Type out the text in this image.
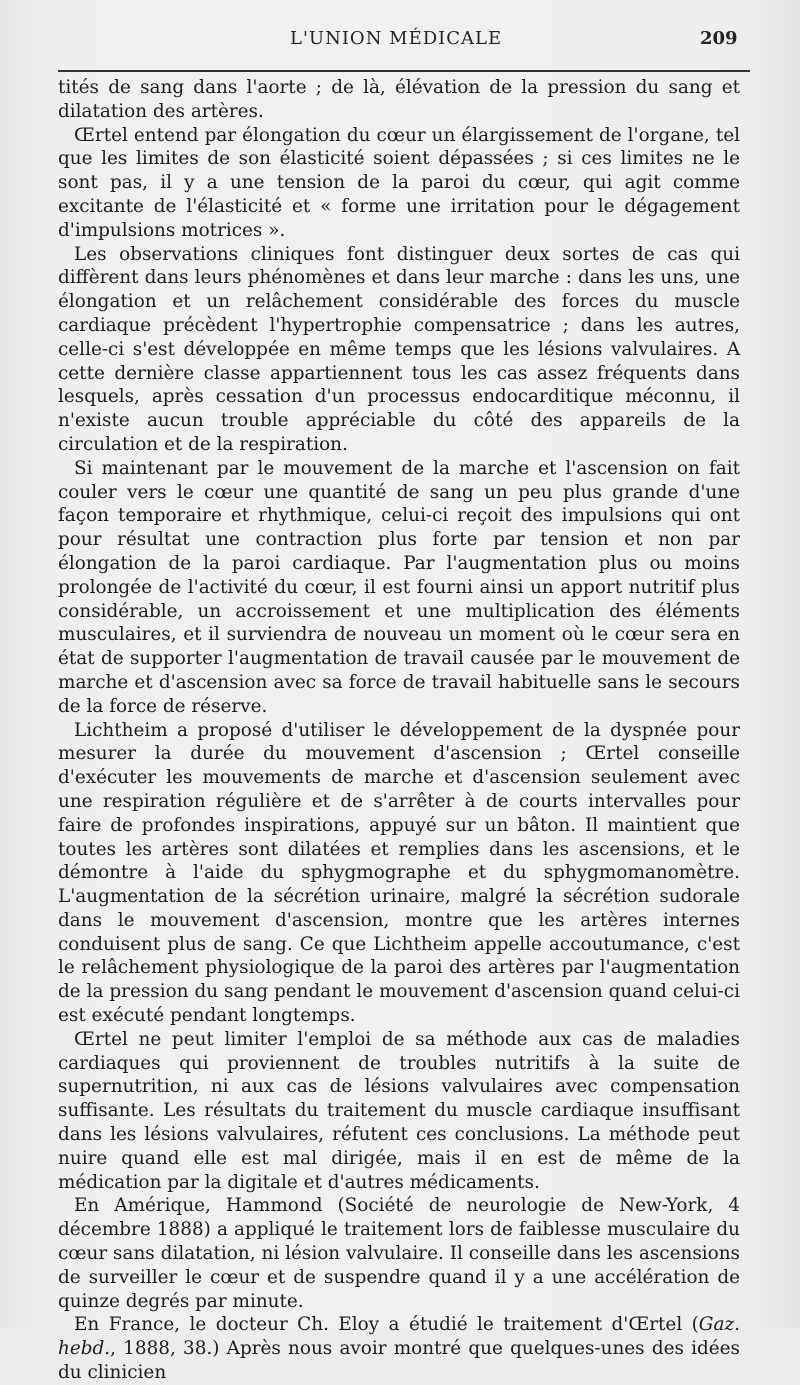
L'UNION MÉDICALE	209

tités de sang dans l'aorte ; de là, élévation de la pression du sang et dilatation des artères.

Œrtel entend par élongation du cœur un élargissement de l'organe, tel que les limites de son élasticité soient dépassées ; si ces limites ne le sont pas, il y a une tension de la paroi du cœur, qui agit comme excitante de l'élasticité et « forme une irritation pour le dégagement d'impulsions motrices ».

Les observations cliniques font distinguer deux sortes de cas qui diffèrent dans leurs phénomènes et dans leur marche : dans les uns, une élongation et un relâchement considérable des forces du muscle cardiaque précèdent l'hypertrophie compensatrice ; dans les autres, celle-ci s'est développée en même temps que les lésions valvulaires. A cette dernière classe appartiennent tous les cas assez fréquents dans lesquels, après cessation d'un processus endocarditique méconnu, il n'existe aucun trouble appréciable du côté des appareils de la circulation et de la respiration.

Si maintenant par le mouvement de la marche et l'ascension on fait couler vers le cœur une quantité de sang un peu plus grande d'une façon temporaire et rhythmique, celui-ci reçoit des impulsions qui ont pour résultat une contraction plus forte par tension et non par élongation de la paroi cardiaque. Par l'augmentation plus ou moins prolongée de l'activité du cœur, il est fourni ainsi un apport nutritif plus considérable, un accroissement et une multiplication des éléments musculaires, et il surviendra de nouveau un moment où le cœur sera en état de supporter l'augmentation de travail causée par le mouvement de marche et d'ascension avec sa force de travail habituelle sans le secours de la force de réserve.

Lichtheim a proposé d'utiliser le développement de la dyspnée pour mesurer la durée du mouvement d'ascension ; Œrtel conseille d'exécuter les mouvements de marche et d'ascension seulement avec une respiration régulière et de s'arrêter à de courts intervalles pour faire de profondes inspirations, appuyé sur un bâton. Il maintient que toutes les artères sont dilatées et remplies dans les ascensions, et le démontre à l'aide du sphygmographe et du sphygmomanomètre. L'augmentation de la sécrétion urinaire, malgré la sécrétion sudorale dans le mouvement d'ascension, montre que les artères internes conduisent plus de sang. Ce que Lichtheim appelle accoutumance, c'est le relâchement physiologique de la paroi des artères par l'augmentation de la pression du sang pendant le mouvement d'ascension quand celui-ci est exécuté pendant longtemps.

Œrtel ne peut limiter l'emploi de sa méthode aux cas de maladies cardiaques qui proviennent de troubles nutritifs à la suite de supernutrition, ni aux cas de lésions valvulaires avec compensation suffisante. Les résultats du traitement du muscle cardiaque insuffisant dans les lésions valvulaires, réfutent ces conclusions. La méthode peut nuire quand elle est mal dirigée, mais il en est de même de la médication par la digitale et d'autres médicaments.

En Amérique, Hammond (Société de neurologie de New-York, 4 décembre 1888) a appliqué le traitement lors de faiblesse musculaire du cœur sans dilatation, ni lésion valvulaire. Il conseille dans les ascensions de surveiller le cœur et de suspendre quand il y a une accélération de quinze degrés par minute.

En France, le docteur Ch. Eloy a étudié le traitement d'Œrtel (Gaz. hebd., 1888, 38.) Après nous avoir montré que quelques-unes des idées du clinicien
